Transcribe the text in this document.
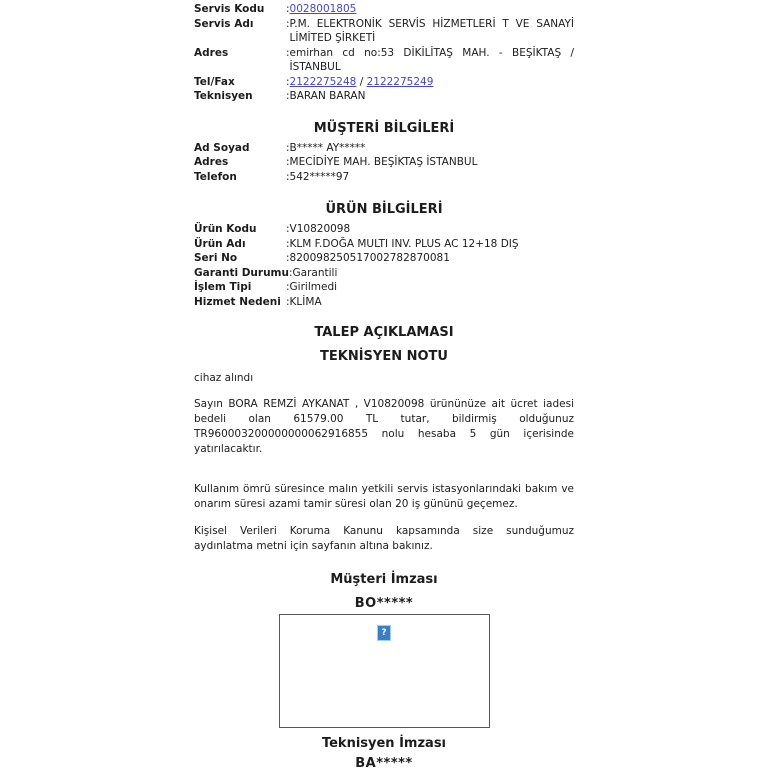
Servis Kodu	: 0028001805
Servis Adı	: P.M. ELEKTRONİK SERVİS HİZMETLERİ T VE SANAYİ LİMİTED ŞİRKETİ
Adres	: emirhan cd no:53 DİKİLİTAŞ MAH. - BEŞİKTAŞ / İSTANBUL
Tel/Fax	: 2122275248 / 2122275249
Teknisyen	: BARAN BARAN
MÜŞTERİ BİLGİLERİ
Ad Soyad	: B***** AY*****
Adres	: MECİDİYE MAH. BEŞİKTAŞ İSTANBUL
Telefon	: 542*****97
ÜRÜN BİLGİLERİ
Ürün Kodu	: V10820098
Ürün Adı	: KLM F.DOĞA MULTI INV. PLUS AC 12+18 DIŞ
Seri No	: 820098250517002782870081
Garanti Durumu : Garantili
İşlem Tipi	: Girilmedi
Hizmet Nedeni : KLİMA
TALEP AÇIKLAMASI
TEKNİSYEN NOTU

cihaz alındı

Sayın BORA REMZİ AYKANAT , V10820098 ürününüze ait ücret iadesi bedeli olan 61579.00 TL tutar, bildirmiş olduğunuz TR960003200000000062916855 nolu hesaba 5 gün içerisinde yatırılacaktır.

Kullanım ömrü süresince malın yetkili servis istasyonlarındaki bakım ve onarım süresi azami tamir süresi olan 20 iş gününü geçemez.

Kişisel Verileri Koruma Kanunu kapsamında size sunduğumuz aydınlatma metni için sayfanın altına bakınız.

Müşteri İmzası
BO*****
?
Teknisyen İmzası
BA*****
